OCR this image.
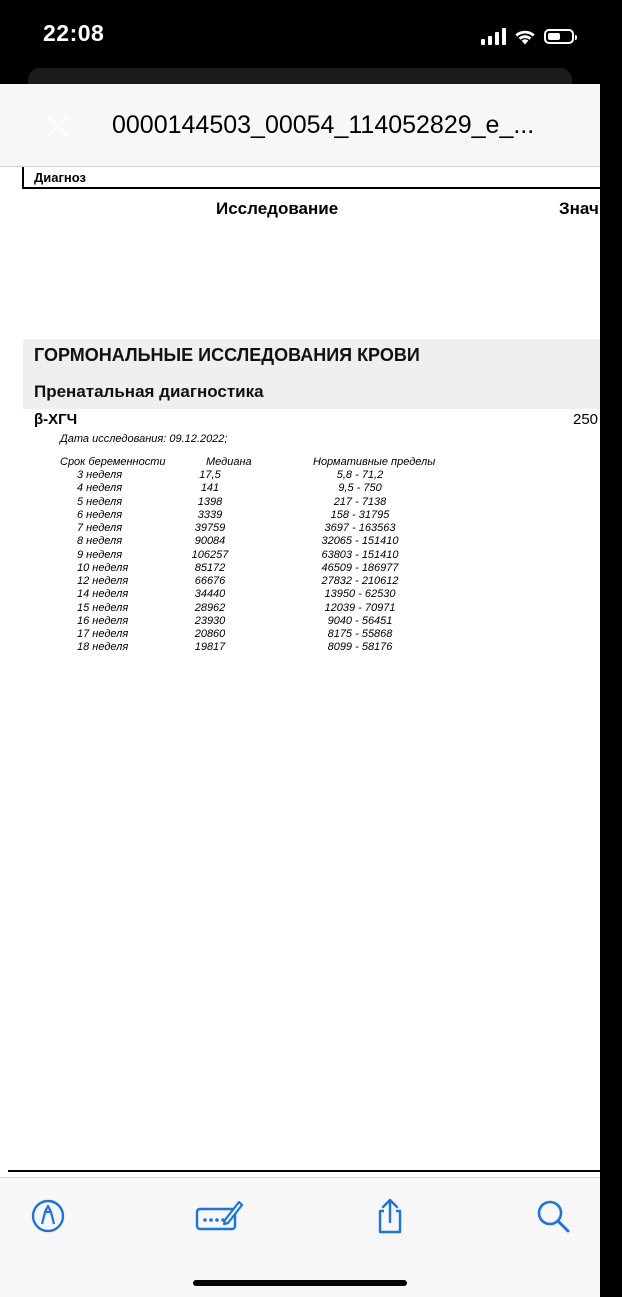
22:08
0000144503_00054_114052829_e_...
Диагноз
Исследование	Знач
ГОРМОНАЛЬНЫЕ ИССЛЕДОВАНИЯ КРОВИ
Пренатальная диагностика
β-ХГЧ	250
Дата исследования: 09.12.2022;
Срок беременности	Медиана	Нормативные пределы
3 неделя	17,5	5,8 - 71,2
4 неделя	141	9,5 - 750
5 неделя	1398	217 - 7138
6 неделя	3339	158 - 31795
7 неделя	39759	3697 - 163563
8 неделя	90084	32065 - 151410
9 неделя	106257	63803 - 151410
10 неделя	85172	46509 - 186977
12 неделя	66676	27832 - 210612
14 неделя	34440	13950 - 62530
15 неделя	28962	12039 - 70971
16 неделя	23930	9040 - 56451
17 неделя	20860	8175 - 55868
18 неделя	19817	8099 - 58176
